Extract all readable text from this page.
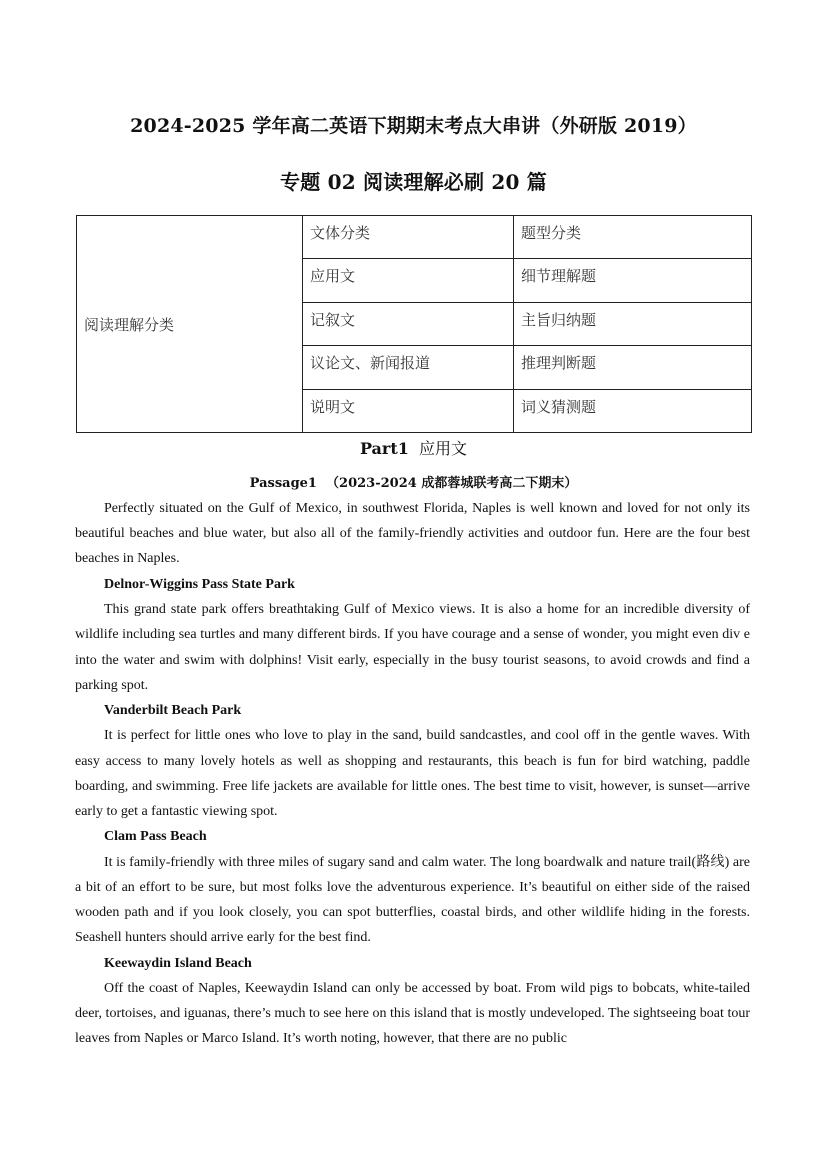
2024-2025 学年高二英语下期期末考点大串讲（外研版 2019）
专题 02 阅读理解必刷 20 篇
阅读理解分类	文体分类	题型分类
	应用文	细节理解题
	记叙文	主旨归纳题
	议论文、新闻报道	推理判断题
	说明文	词义猜测题
Part1 应用文
Passage1 （2023-2024 成都蓉城联考高二下期末）

Perfectly situated on the Gulf of Mexico, in southwest Florida, Naples is well known and loved for not only its beautiful beaches and blue water, but also all of the family-friendly activities and outdoor fun. Here are the four best beaches in Naples.

Delnor-Wiggins Pass State Park

This grand state park offers breathtaking Gulf of Mexico views. It is also a home for an incredible diversity of wildlife including sea turtles and many different birds. If you have courage and a sense of wonder, you might even div e into the water and swim with dolphins! Visit early, especially in the busy tourist seasons, to avoid crowds and find a parking spot.

Vanderbilt Beach Park

It is perfect for little ones who love to play in the sand, build sandcastles, and cool off in the gentle waves. With easy access to many lovely hotels as well as shopping and restaurants, this beach is fun for bird watching, paddle boarding, and swimming. Free life jackets are available for little ones. The best time to visit, however, is sunset—arrive early to get a fantastic viewing spot.

Clam Pass Beach

It is family-friendly with three miles of sugary sand and calm water. The long boardwalk and nature trail(路线) are a bit of an effort to be sure, but most folks love the adventurous experience. It’s beautiful on either side of the raised wooden path and if you look closely, you can spot butterflies, coastal birds, and other wildlife hiding in the forests. Seashell hunters should arrive early for the best find.

Keewaydin Island Beach

Off the coast of Naples, Keewaydin Island can only be accessed by boat. From wild pigs to bobcats, white-tailed deer, tortoises, and iguanas, there’s much to see here on this island that is mostly undeveloped. The sightseeing boat tour leaves from Naples or Marco Island. It’s worth noting, however, that there are no public
